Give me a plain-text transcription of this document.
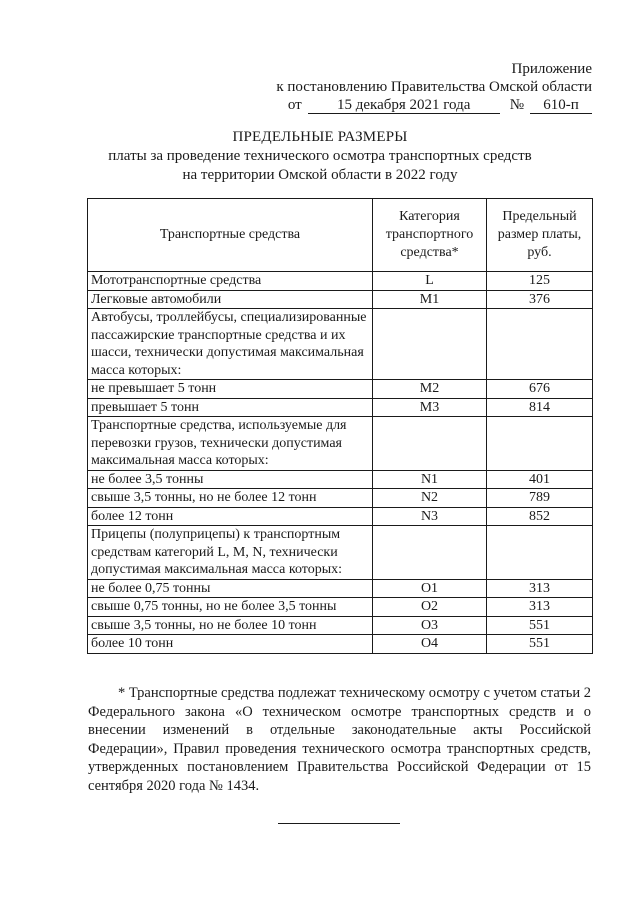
Приложение
к постановлению Правительства Омской области
от 15 декабря 2021 года	№ 610-п
ПРЕДЕЛЬНЫЕ РАЗМЕРЫ
платы за проведение технического осмотра транспортных средств
на территории Омской области в 2022 году
Транспортные средства	Категория транспортного средства*	Предельный размер платы, руб.
Мототранспортные средства	L	125
Легковые автомобили	M1	376
Автобусы, троллейбусы, специализированные пассажирские транспортные средства и их шасси, технически допустимая максимальная масса которых:		
не превышает 5 тонн	M2	676
превышает 5 тонн	M3	814
Транспортные средства, используемые для перевозки грузов, технически допустимая максимальная масса которых:		
не более 3,5 тонны	N1	401
свыше 3,5 тонны, но не более 12 тонн	N2	789
более 12 тонн	N3	852
Прицепы (полуприцепы) к транспортным средствам категорий L, M, N, технически допустимая максимальная масса которых:		
не более 0,75 тонны	O1	313
свыше 0,75 тонны, но не более 3,5 тонны	O2	313
свыше 3,5 тонны, но не более 10 тонн	O3	551
более 10 тонн	O4	551
* Транспортные средства подлежат техническому осмотру с учетом статьи 2 Федерального закона «О техническом осмотре транспортных средств и о внесении изменений в отдельные законодательные акты Российской Федерации», Правил проведения технического осмотра транспортных средств, утвержденных постановлением Правительства Российской Федерации от 15 сентября 2020 года № 1434.
